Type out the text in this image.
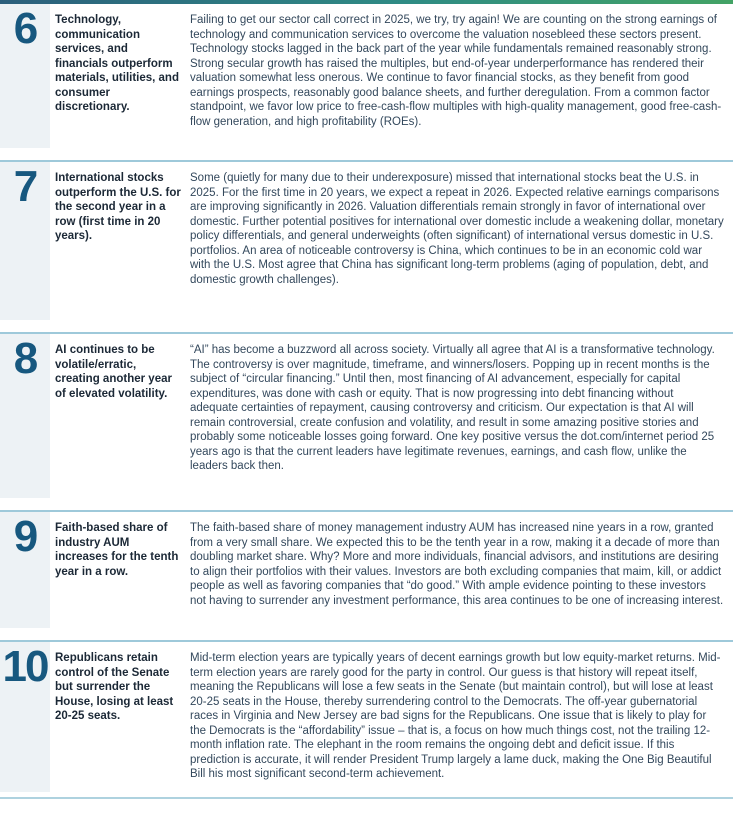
6	Technology, communication services, and financials outperform materials, utilities, and consumer discretionary.

Failing to get our sector call correct in 2025, we try, try again! We are counting on the strong earnings of technology and communication services to overcome the valuation nosebleed these sectors present. Technology stocks lagged in the back part of the year while fundamentals remained reasonably strong. Strong secular growth has raised the multiples, but end-of-year underperformance has rendered their valuation somewhat less onerous. We continue to favor financial stocks, as they benefit from good earnings prospects, reasonably good balance sheets, and further deregulation. From a common factor standpoint, we favor low price to free-cash-flow multiples with high-quality management, good free-cash-flow generation, and high profitability (ROEs).

7	International stocks outperform the U.S. for the second year in a row (first time in 20 years).

Some (quietly for many due to their underexposure) missed that international stocks beat the U.S. in 2025. For the first time in 20 years, we expect a repeat in 2026. Expected relative earnings comparisons are improving significantly in 2026. Valuation differentials remain strongly in favor of international over domestic. Further potential positives for international over domestic include a weakening dollar, monetary policy differentials, and general underweights (often significant) of international versus domestic in U.S. portfolios. An area of noticeable controversy is China, which continues to be in an economic cold war with the U.S. Most agree that China has significant long-term problems (aging of population, debt, and domestic growth challenges).

8	AI continues to be volatile/erratic, creating another year of elevated volatility.

“AI” has become a buzzword all across society. Virtually all agree that AI is a transformative technology. The controversy is over magnitude, timeframe, and winners/losers. Popping up in recent months is the subject of “circular financing.” Until then, most financing of AI advancement, especially for capital expenditures, was done with cash or equity. That is now progressing into debt financing without adequate certainties of repayment, causing controversy and criticism. Our expectation is that AI will remain controversial, create confusion and volatility, and result in some amazing positive stories and probably some noticeable losses going forward. One key positive versus the dot.com/internet period 25 years ago is that the current leaders have legitimate revenues, earnings, and cash flow, unlike the leaders back then.

9	Faith-based share of industry AUM increases for the tenth year in a row.

The faith-based share of money management industry AUM has increased nine years in a row, granted from a very small share. We expected this to be the tenth year in a row, making it a decade of more than doubling market share. Why? More and more individuals, financial advisors, and institutions are desiring to align their portfolios with their values. Investors are both excluding companies that maim, kill, or addict people as well as favoring companies that “do good.” With ample evidence pointing to these investors not having to surrender any investment performance, this area continues to be one of increasing interest.

10 Republicans retain control of the Senate but surrender the House, losing at least 20-25 seats.

Mid-term election years are typically years of decent earnings growth but low equity-market returns. Mid-term election years are rarely good for the party in control. Our guess is that history will repeat itself, meaning the Republicans will lose a few seats in the Senate (but maintain control), but will lose at least 20-25 seats in the House, thereby surrendering control to the Democrats. The off-year gubernatorial races in Virginia and New Jersey are bad signs for the Republicans. One issue that is likely to play for the Democrats is the “affordability” issue – that is, a focus on how much things cost, not the trailing 12-month inflation rate. The elephant in the room remains the ongoing debt and deficit issue. If this prediction is accurate, it will render President Trump largely a lame duck, making the One Big Beautiful Bill his most significant second-term achievement.
